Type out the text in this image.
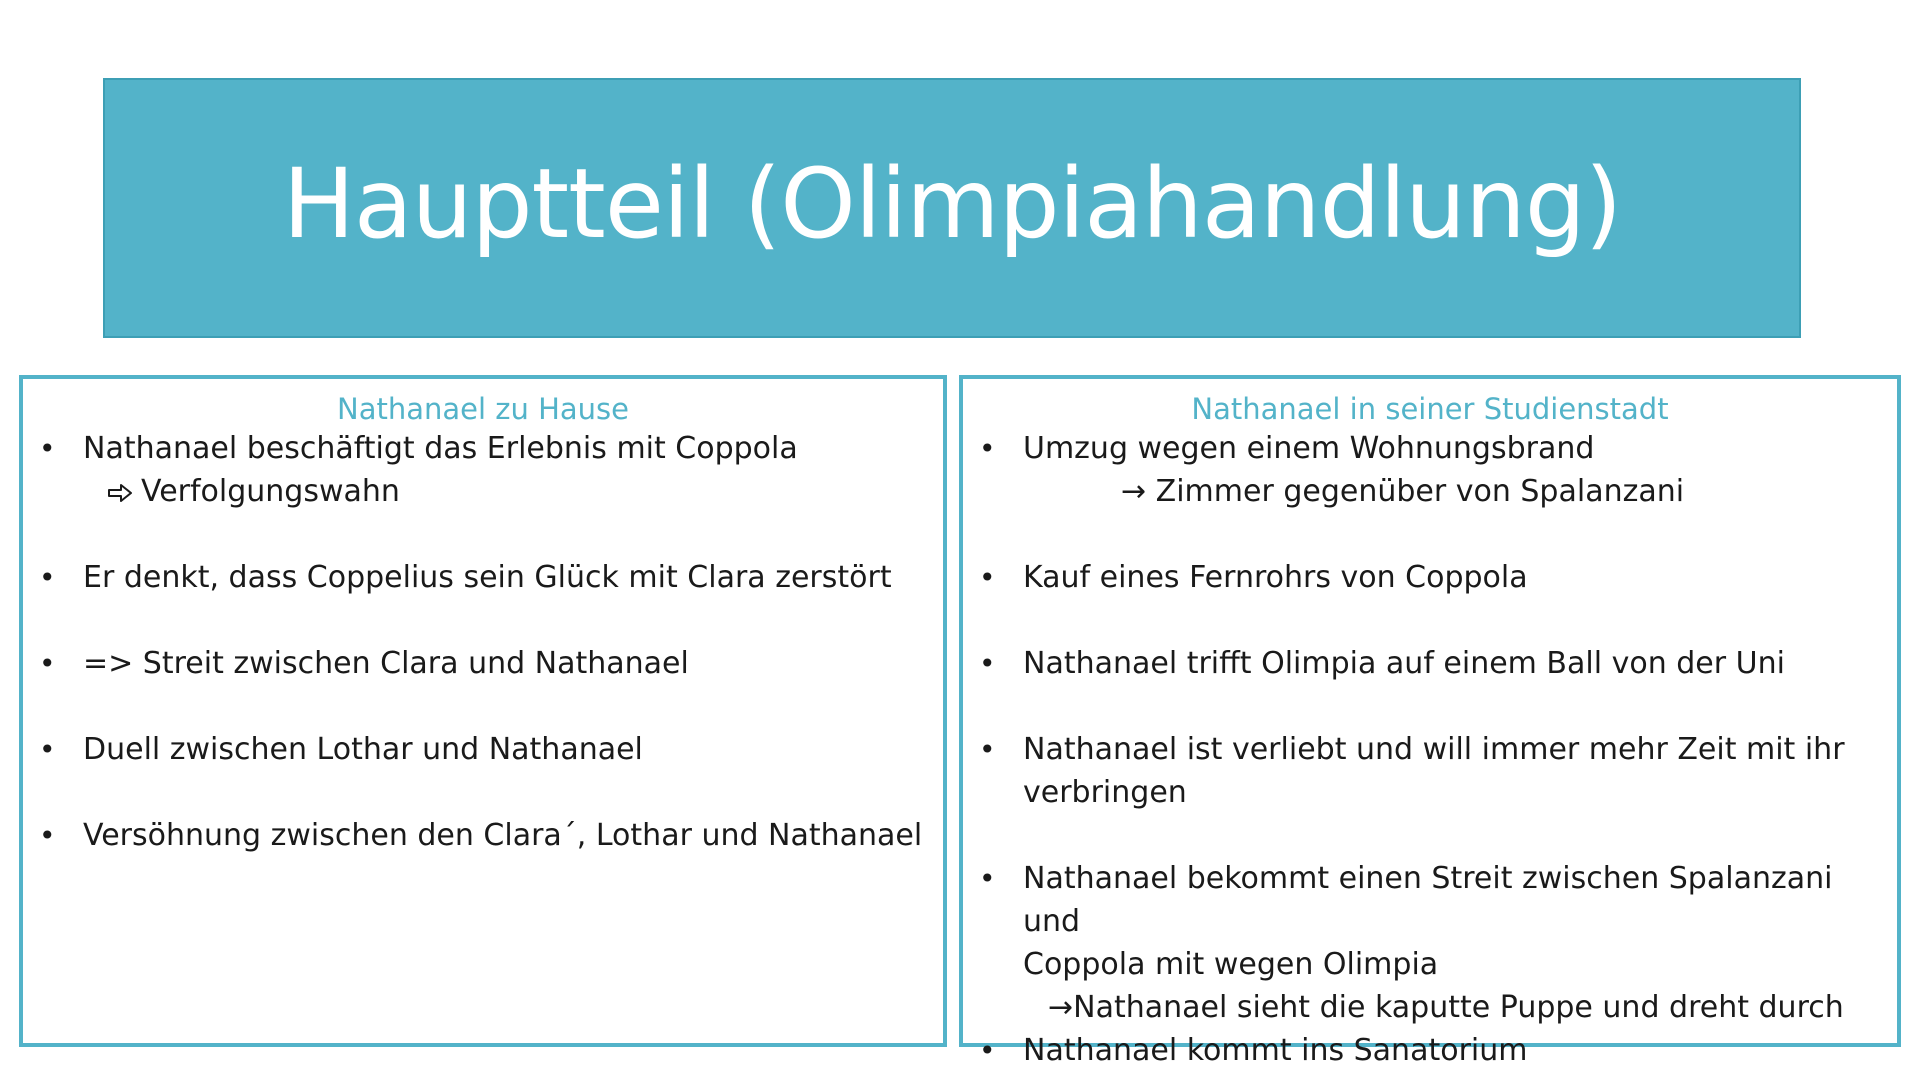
Hauptteil (Olimpiahandlung)
Nathanael zu Hause
• Nathanael beschäftigt das Erlebnis mit Coppola
Verfolgungswahn
• Er denkt, dass Coppelius sein Glück mit Clara zerstört
• => Streit zwischen Clara und Nathanael
• Duell zwischen Lothar und Nathanael
• Versöhnung zwischen den Clara´, Lothar und Nathanael
Nathanael in seiner Studienstadt
• Umzug wegen einem Wohnungsbrand
→ Zimmer gegenüber von Spalanzani
• Kauf eines Fernrohrs von Coppola
• Nathanael trifft Olimpia auf einem Ball von der Uni
• Nathanael ist verliebt und will immer mehr Zeit mit ihr
verbringen
• Nathanael bekommt einen Streit zwischen Spalanzani und
Coppola mit wegen Olimpia
→Nathanael sieht die kaputte Puppe und dreht durch
• Nathanael kommt ins Sanatorium
